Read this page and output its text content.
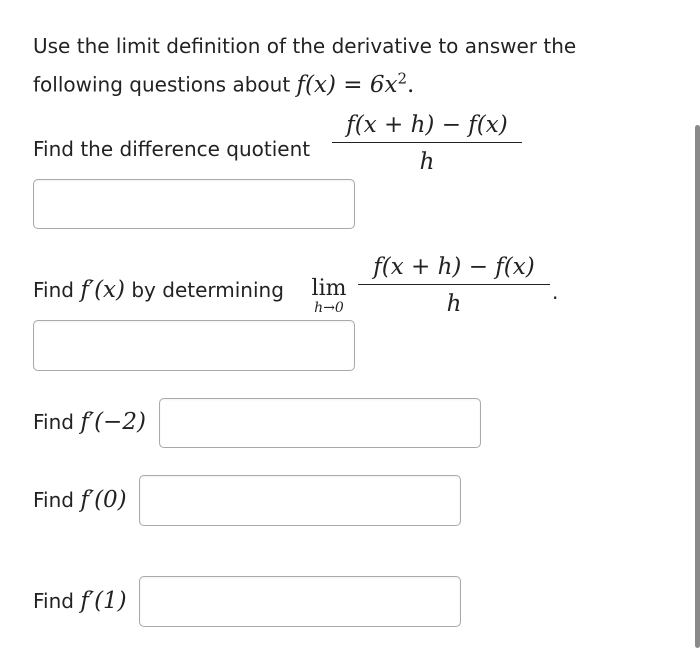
Use the limit definition of the derivative to answer the
following questions about $f(x) = 6x^2$.
Find the difference quotient
f(x + h) − f(x)
h
Find f′(x) by determining lim
h→0
f(x + h) − f(x)
h	.
Find f′(−2)
Find f′(0)
Find f′(1)
